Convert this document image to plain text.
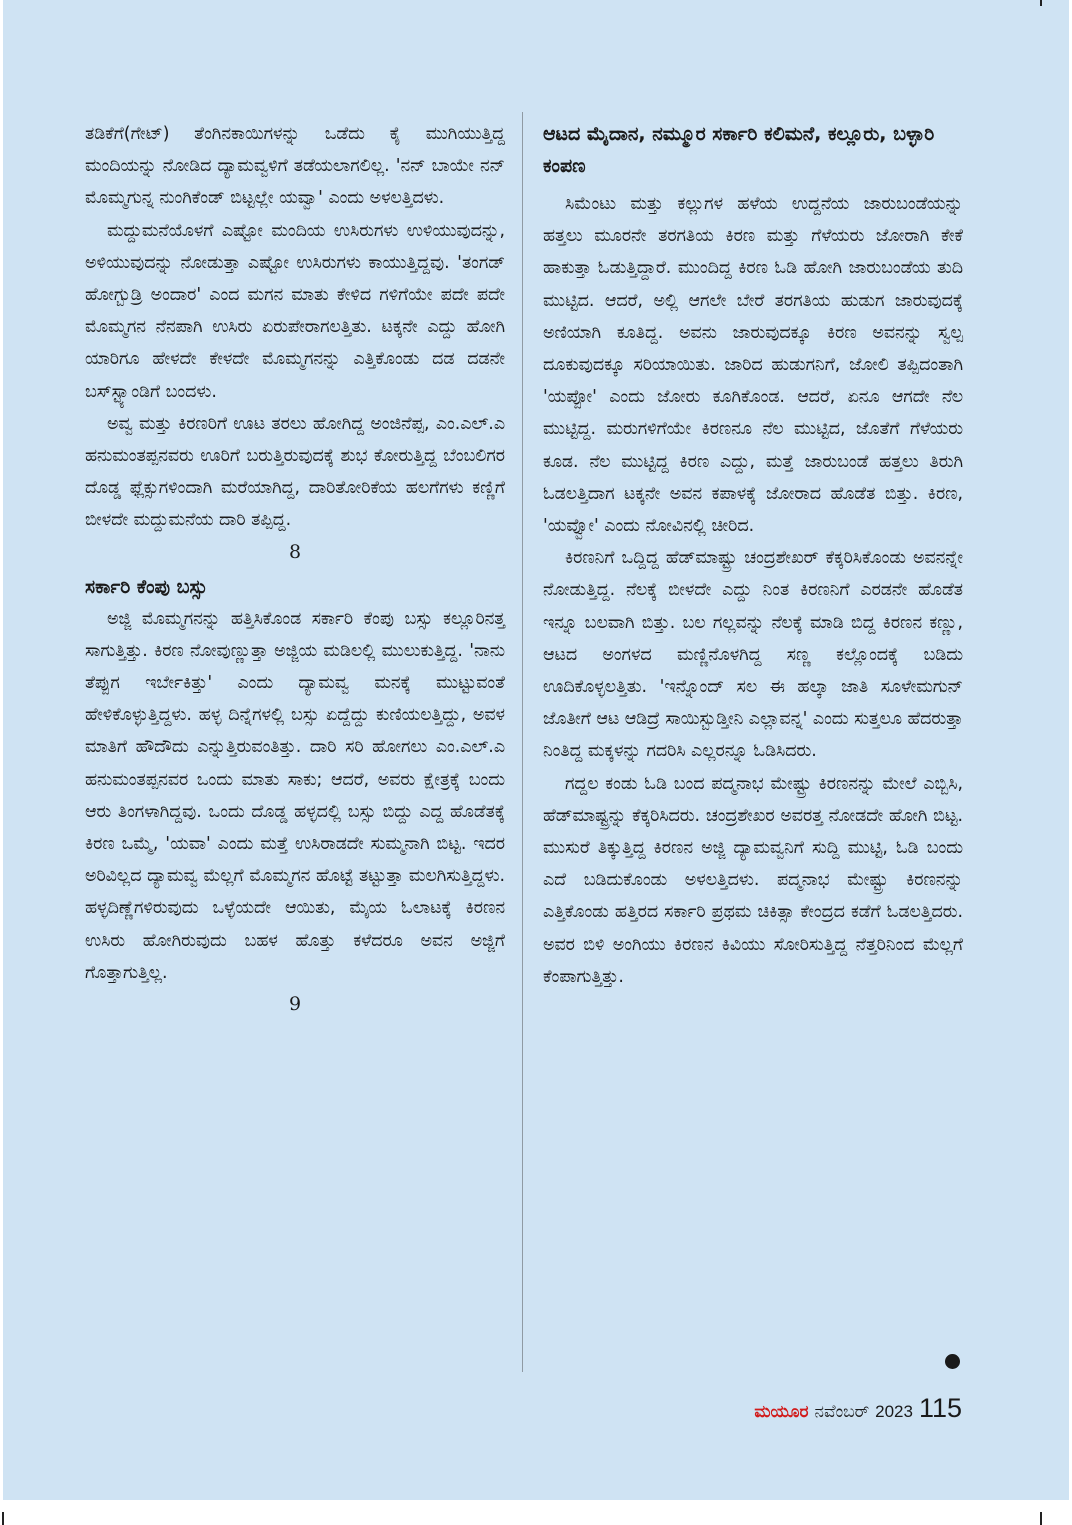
ತಡಿಕೆಗೆ(ಗೇಟ್) ತೆಂಗಿನಕಾಯಿಗಳನ್ನು ಒಡೆದು ಕೈ ಮುಗಿಯುತ್ತಿದ್ದ ಮಂದಿಯನ್ನು ನೋಡಿದ ದ್ಯಾಮವ್ವಳಿಗೆ ತಡೆಯಲಾಗಲಿಲ್ಲ. 'ನನ್ ಬಾಯೇ ನನ್ ಮೊಮ್ಮಗುನ್ನ ನುಂಗಿಕೆಂಡ್ ಬಿಟ್ಟಲ್ಲೇ ಯವ್ವಾ' ಎಂದು ಅಳಲತ್ತಿದಳು.

ಮದ್ದುಮನೆಯೊಳಗೆ ಎಷ್ಟೋ ಮಂದಿಯ ಉಸಿರುಗಳು ಉಳಿಯುವುದನ್ನು, ಅಳಿಯುವುದನ್ನು ನೋಡುತ್ತಾ ಎಷ್ಟೋ ಉಸಿರುಗಳು ಕಾಯುತ್ತಿದ್ದವು. 'ತಂಗಡ್ ಹೋಗ್ಬುಡ್ರಿ ಅಂದಾರ' ಎಂದ ಮಗನ ಮಾತು ಕೇಳಿದ ಗಳಿಗೆಯೇ ಪದೇ ಪದೇ ಮೊಮ್ಮಗನ ನೆನಪಾಗಿ ಉಸಿರು ಏರುಪೇರಾಗಲತ್ತಿತು. ಟಕ್ಕನೇ ಎದ್ದು ಹೋಗಿ ಯಾರಿಗೂ ಹೇಳದೇ ಕೇಳದೇ ಮೊಮ್ಮಗನನ್ನು ಎತ್ತಿಕೊಂಡು ದಡ ದಡನೇ ಬಸ್‌ಸ್ಟ್ಯಾಂಡಿಗೆ ಬಂದಳು.

ಅವ್ವ ಮತ್ತು ಕಿರಣರಿಗೆ ಊಟ ತರಲು ಹೋಗಿದ್ದ ಅಂಜಿನೆಪ್ಪ, ಎಂ.ಎಲ್.ಎ ಹನುಮಂತಪ್ಪನವರು ಊರಿಗೆ ಬರುತ್ತಿರುವುದಕ್ಕೆ ಶುಭ ಕೋರುತ್ತಿದ್ದ ಬೆಂಬಲಿಗರ ದೊಡ್ಡ ಫ್ಲೆಕ್ಸುಗಳಿಂದಾಗಿ ಮರೆಯಾಗಿದ್ದ, ದಾರಿತೋರಿಕೆಯ ಹಲಗೆಗಳು ಕಣ್ಣಿಗೆ ಬೀಳದೇ ಮದ್ದುಮನೆಯ ದಾರಿ ತಪ್ಪಿದ್ದ.

8
ಸರ್ಕಾರಿ ಕೆಂಪು ಬಸ್ಸು

ಅಜ್ಜಿ ಮೊಮ್ಮಗನನ್ನು ಹತ್ತಿಸಿಕೊಂಡ ಸರ್ಕಾರಿ ಕೆಂಪು ಬಸ್ಸು ಕಲ್ಲೂರಿನತ್ತ ಸಾಗುತ್ತಿತ್ತು. ಕಿರಣ ನೋವುಣ್ಣುತ್ತಾ ಅಜ್ಜಿಯ ಮಡಿಲಲ್ಲಿ ಮುಲುಕುತ್ತಿದ್ದ. 'ನಾನು ತೆಪ್ಪುಗ ಇರ್ಬೇಕಿತ್ತು' ಎಂದು ದ್ಯಾಮವ್ವ ಮನಕ್ಕೆ ಮುಟ್ಟುವಂತೆ ಹೇಳಿಕೊಳ್ಳುತ್ತಿದ್ದಳು. ಹಳ್ಳ ದಿನ್ನೆಗಳಲ್ಲಿ ಬಸ್ಸು ಏದ್ದೆದ್ದು ಕುಣಿಯಲತ್ತಿದ್ದು, ಅವಳ ಮಾತಿಗೆ ಹೌದೌದು ಎನ್ನುತ್ತಿರುವಂತಿತ್ತು. ದಾರಿ ಸರಿ ಹೋಗಲು ಎಂ.ಎಲ್.ಎ ಹನುಮಂತಪ್ಪನವರ ಒಂದು ಮಾತು ಸಾಕು; ಆದರೆ, ಅವರು ಕ್ಷೇತ್ರಕ್ಕೆ ಬಂದು ಆರು ತಿಂಗಳಾಗಿದ್ದವು. ಒಂದು ದೊಡ್ಡ ಹಳ್ಳದಲ್ಲಿ ಬಸ್ಸು ಬಿದ್ದು ಎದ್ದ ಹೊಡೆತಕ್ಕೆ ಕಿರಣ ಒಮ್ಮೆ, 'ಯವಾ' ಎಂದು ಮತ್ತೆ ಉಸಿರಾಡದೇ ಸುಮ್ಮನಾಗಿ ಬಿಟ್ಟ. ಇದರ ಅರಿವಿಲ್ಲದ ದ್ಯಾಮವ್ವ ಮೆಲ್ಲಗೆ ಮೊಮ್ಮಗನ ಹೊಟ್ಟೆ ತಟ್ಟುತ್ತಾ ಮಲಗಿಸುತ್ತಿದ್ದಳು. ಹಳ್ಳದಿಣ್ಣೆಗಳಿರುವುದು ಒಳ್ಳೆಯದೇ ಆಯಿತು, ಮೈಯ ಓಲಾಟಕ್ಕೆ ಕಿರಣನ ಉಸಿರು ಹೋಗಿರುವುದು ಬಹಳ ಹೊತ್ತು ಕಳೆದರೂ ಅವನ ಅಜ್ಜಿಗೆ ಗೊತ್ತಾಗುತ್ತಿಲ್ಲ.

9
ಆಟದ ಮೈದಾನ, ನಮ್ಮೂರ ಸರ್ಕಾರಿ ಕಲಿಮನೆ, ಕಲ್ಲೂರು, ಬಳ್ಳಾರಿ ಕಂಪಣ

ಸಿಮೆಂಟು ಮತ್ತು ಕಲ್ಲುಗಳ ಹಳೆಯ ಉದ್ದನೆಯ ಜಾರುಬಂಡೆಯನ್ನು ಹತ್ತಲು ಮೂರನೇ ತರಗತಿಯ ಕಿರಣ ಮತ್ತು ಗೆಳೆಯರು ಜೋರಾಗಿ ಕೇಕೆ ಹಾಕುತ್ತಾ ಓಡುತ್ತಿದ್ದಾರೆ. ಮುಂದಿದ್ದ ಕಿರಣ ಓಡಿ ಹೋಗಿ ಜಾರುಬಂಡೆಯ ತುದಿ ಮುಟ್ಟಿದ. ಆದರೆ, ಅಲ್ಲಿ ಆಗಲೇ ಬೇರೆ ತರಗತಿಯ ಹುಡುಗ ಜಾರುವುದಕ್ಕೆ ಅಣಿಯಾಗಿ ಕೂತಿದ್ದ. ಅವನು ಜಾರುವುದಕ್ಕೂ ಕಿರಣ ಅವನನ್ನು ಸ್ವಲ್ಪ ದೂಕುವುದಕ್ಕೂ ಸರಿಯಾಯಿತು. ಜಾರಿದ ಹುಡುಗನಿಗೆ, ಜೋಲಿ ತಪ್ಪಿದಂತಾಗಿ 'ಯಪ್ಪೋ' ಎಂದು ಜೋರು ಕೂಗಿಕೊಂಡ. ಆದರೆ, ಏನೂ ಆಗದೇ ನೆಲ ಮುಟ್ಟಿದ್ದ. ಮರುಗಳಿಗೆಯೇ ಕಿರಣನೂ ನೆಲ ಮುಟ್ಟಿದ, ಜೊತೆಗೆ ಗೆಳೆಯರು ಕೂಡ. ನೆಲ ಮುಟ್ಟಿದ್ದ ಕಿರಣ ಎದ್ದು, ಮತ್ತೆ ಜಾರುಬಂಡೆ ಹತ್ತಲು ತಿರುಗಿ ಓಡಲತ್ತಿದಾಗ ಟಕ್ಕನೇ ಅವನ ಕಪಾಳಕ್ಕೆ ಜೋರಾದ ಹೊಡೆತ ಬಿತ್ತು. ಕಿರಣ, 'ಯವ್ವೋ' ಎಂದು ನೋವಿನಲ್ಲಿ ಚೀರಿದ.

ಕಿರಣನಿಗೆ ಒದ್ದಿದ್ದ ಹೆಡ್‌ಮಾಷ್ಟ್ರು ಚಂದ್ರಶೇಖರ್ ಕೆಕ್ಕರಿಸಿಕೊಂಡು ಅವನನ್ನೇ ನೋಡುತ್ತಿದ್ದ. ನೆಲಕ್ಕೆ ಬೀಳದೇ ಎದ್ದು ನಿಂತ ಕಿರಣನಿಗೆ ಎರಡನೇ ಹೊಡೆತ ಇನ್ನೂ ಬಲವಾಗಿ ಬಿತ್ತು. ಬಲ ಗಲ್ಲವನ್ನು ನೆಲಕ್ಕೆ ಮಾಡಿ ಬಿದ್ದ ಕಿರಣನ ಕಣ್ಣು, ಆಟದ ಅಂಗಳದ ಮಣ್ಣಿನೊಳಗಿದ್ದ ಸಣ್ಣ ಕಲ್ಲೊಂದಕ್ಕೆ ಬಡಿದು ಊದಿಕೊಳ್ಳಲತ್ತಿತು. 'ಇನ್ನೊಂದ್ ಸಲ ಈ ಹಲ್ಕಾ ಜಾತಿ ಸೂಳೇಮಗುನ್ ಜೊತೀಗೆ ಆಟ ಆಡಿದ್ರೆ ಸಾಯಿಸ್ಬುಡ್ತೀನಿ ಎಲ್ಲಾವನ್ನ' ಎಂದು ಸುತ್ತಲೂ ಹೆದರುತ್ತಾ ನಿಂತಿದ್ದ ಮಕ್ಕಳನ್ನು ಗದರಿಸಿ ಎಲ್ಲರನ್ನೂ ಓಡಿಸಿದರು.

ಗದ್ದಲ ಕಂಡು ಓಡಿ ಬಂದ ಪದ್ಮನಾಭ ಮೇಷ್ಟ್ರು ಕಿರಣನನ್ನು ಮೇಲೆ ಎಬ್ಬಿಸಿ, ಹೆಡ್‌ಮಾಷ್ಟ್ರನ್ನು ಕೆಕ್ಕರಿಸಿದರು. ಚಂದ್ರಶೇಖರ ಅವರತ್ತ ನೋಡದೇ ಹೋಗಿ ಬಿಟ್ಟ. ಮುಸುರೆ ತಿಕ್ಕುತ್ತಿದ್ದ ಕಿರಣನ ಅಜ್ಜಿ ದ್ಯಾಮವ್ವನಿಗೆ ಸುದ್ದಿ ಮುಟ್ಟಿ, ಓಡಿ ಬಂದು ಎದೆ ಬಡಿದುಕೊಂಡು ಅಳಲತ್ತಿದಳು. ಪದ್ಮನಾಭ ಮೇಷ್ಟ್ರು ಕಿರಣನನ್ನು ಎತ್ತಿಕೊಂಡು ಹತ್ತಿರದ ಸರ್ಕಾರಿ ಪ್ರಥಮ ಚಿಕಿತ್ಸಾ ಕೇಂದ್ರದ ಕಡೆಗೆ ಓಡಲತ್ತಿದರು. ಅವರ ಬಿಳಿ ಅಂಗಿಯು ಕಿರಣನ ಕಿವಿಯು ಸೋರಿಸುತ್ತಿದ್ದ ನೆತ್ತರಿನಿಂದ ಮೆಲ್ಲಗೆ ಕೆಂಪಾಗುತ್ತಿತ್ತು.

ಮಯೂರ ನವೆಂಬರ್ 2023 115
